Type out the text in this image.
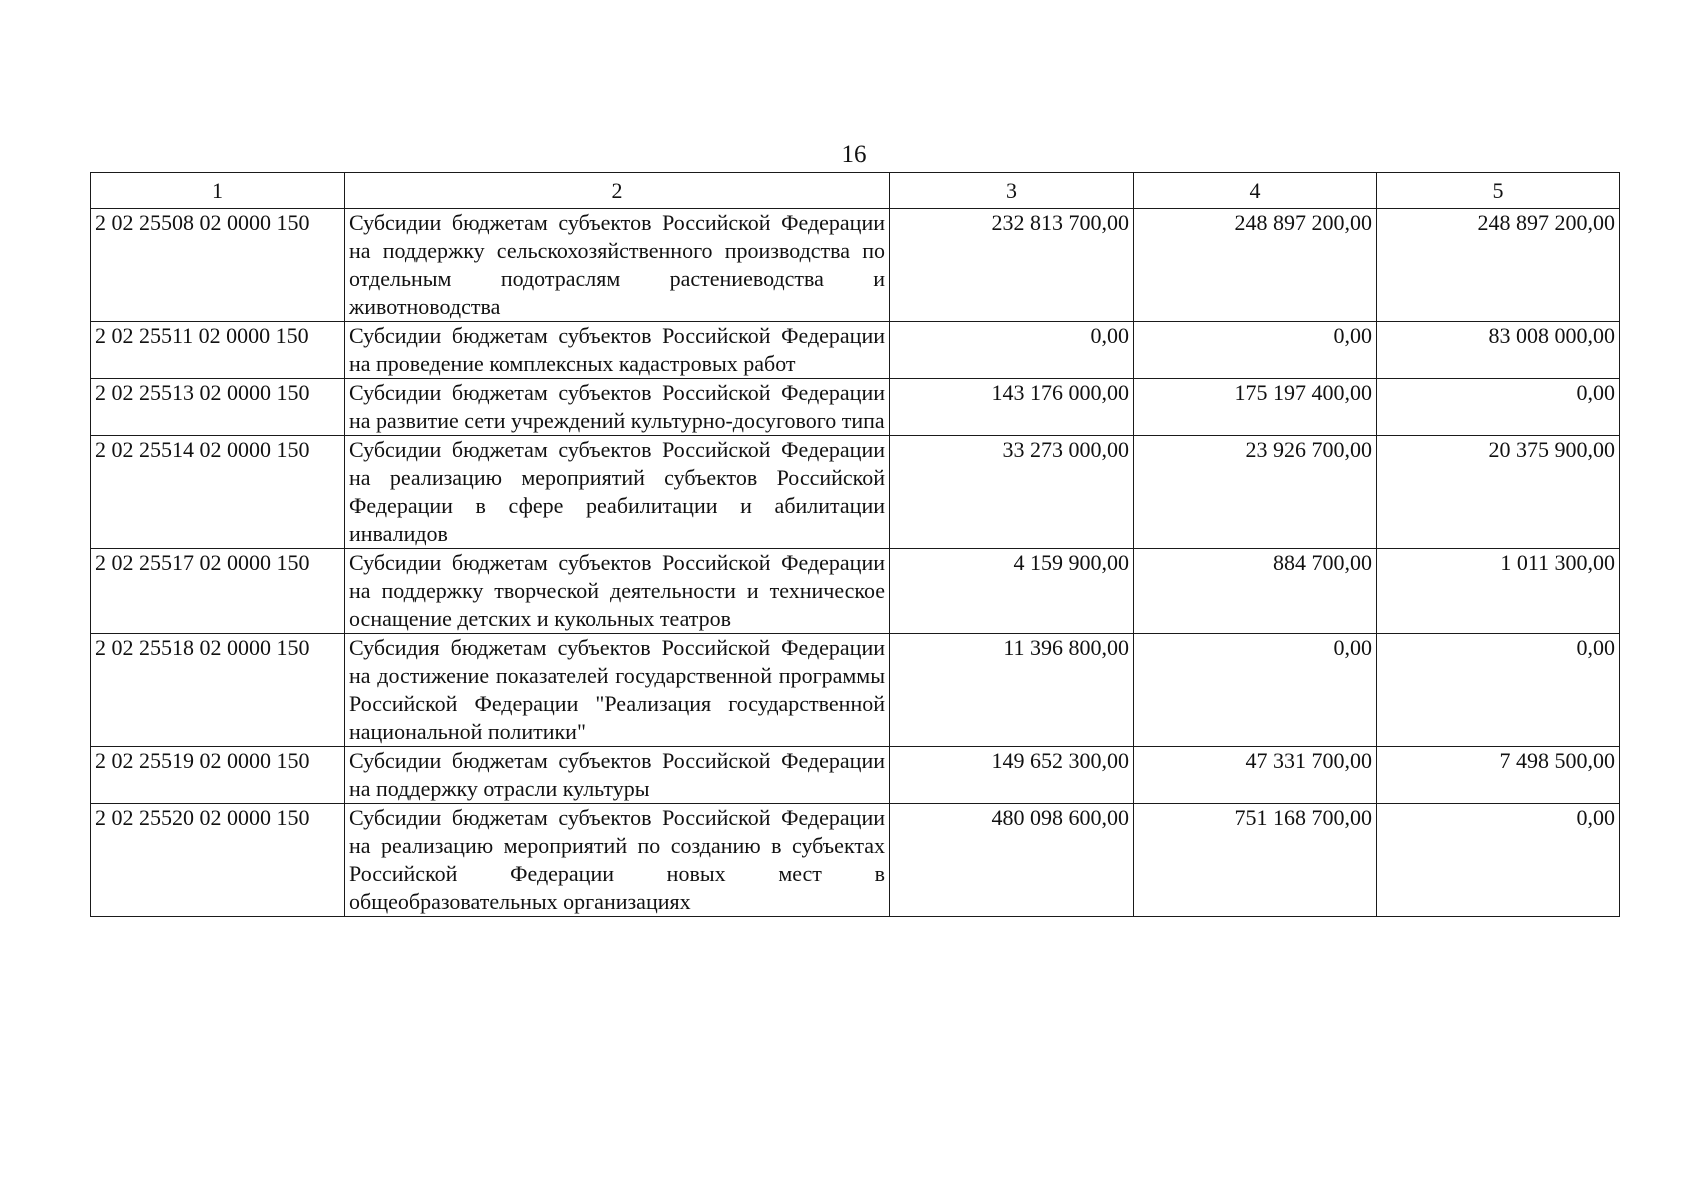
16
1	2	3	4	5
2 02 25508 02 0000 150	Субсидии бюджетам субъектов Российской Федерации на поддержку сельскохозяйственного производства по отдельным подотраслям растениеводства и животноводства	232 813 700,00	248 897 200,00	248 897 200,00
2 02 25511 02 0000 150	Субсидии бюджетам субъектов Российской Федерации на проведение комплексных кадастровых работ	0,00	0,00	83 008 000,00
2 02 25513 02 0000 150	Субсидии бюджетам субъектов Российской Федерации на развитие сети учреждений культурно-досугового типа	143 176 000,00	175 197 400,00	0,00
2 02 25514 02 0000 150	Субсидии бюджетам субъектов Российской Федерации на реализацию мероприятий субъектов Российской Федерации в сфере реабилитации и абилитации инвалидов	33 273 000,00	23 926 700,00	20 375 900,00
2 02 25517 02 0000 150	Субсидии бюджетам субъектов Российской Федерации на поддержку творческой деятельности и техническое оснащение детских и кукольных театров	4 159 900,00	884 700,00	1 011 300,00
2 02 25518 02 0000 150	Субсидия бюджетам субъектов Российской Федерации на достижение показателей государственной программы Российской Федерации "Реализация государственной национальной политики"	11 396 800,00	0,00	0,00
2 02 25519 02 0000 150	Субсидии бюджетам субъектов Российской Федерации на поддержку отрасли культуры	149 652 300,00	47 331 700,00	7 498 500,00
2 02 25520 02 0000 150	Субсидии бюджетам субъектов Российской Федерации на реализацию мероприятий по созданию в субъектах Российской Федерации новых мест в общеобразовательных организациях	480 098 600,00	751 168 700,00	0,00
